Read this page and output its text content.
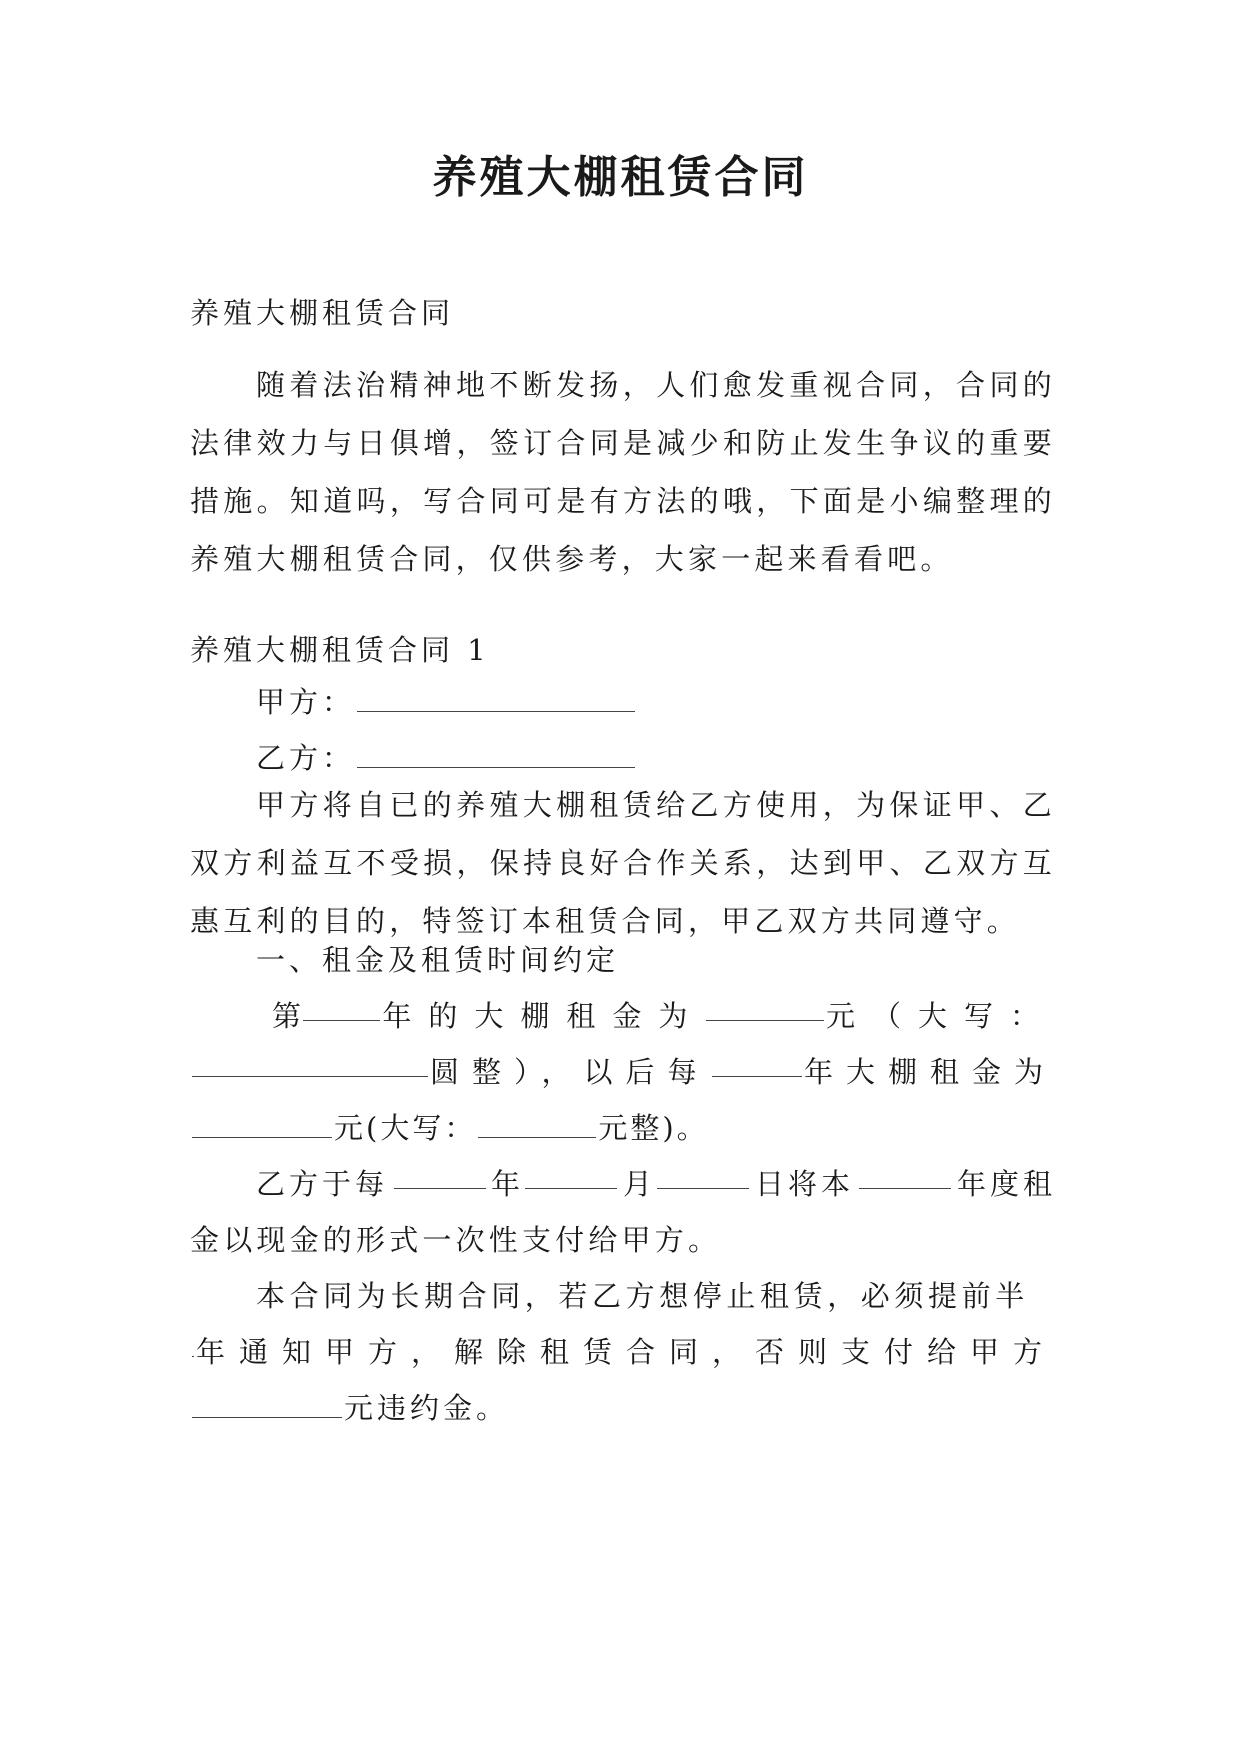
养殖大棚租赁合同
养殖大棚租赁合同
随着法治精神地不断发扬，人们愈发重视合同，合同的法律效力与日俱增，签订合同是减少和防止发生争议的重要措施。知道吗，写合同可是有方法的哦，下面是小编整理的养殖大棚租赁合同，仅供参考，大家一起来看看吧。
养殖大棚租赁合同 1
甲方：
乙方：
甲方将自已的养殖大棚租赁给乙方使用，为保证甲、乙双方利益互不受损，保持良好合作关系，达到甲、乙双方互惠互利的目的，特签订本租赁合同，甲乙双方共同遵守。
一、租金及租赁时间约定
第	年的大棚租金为	元（大写：
圆整），以后每	年大棚租金为
元(大写：	元整)。
乙方于每	年	月	日将本	年度租
金以现金的形式一次性支付给甲方。
本合同为长期合同，若乙方想停止租赁，必须提前半
年通知甲方，解除租赁合同，否则支付给甲方
元违约金。
